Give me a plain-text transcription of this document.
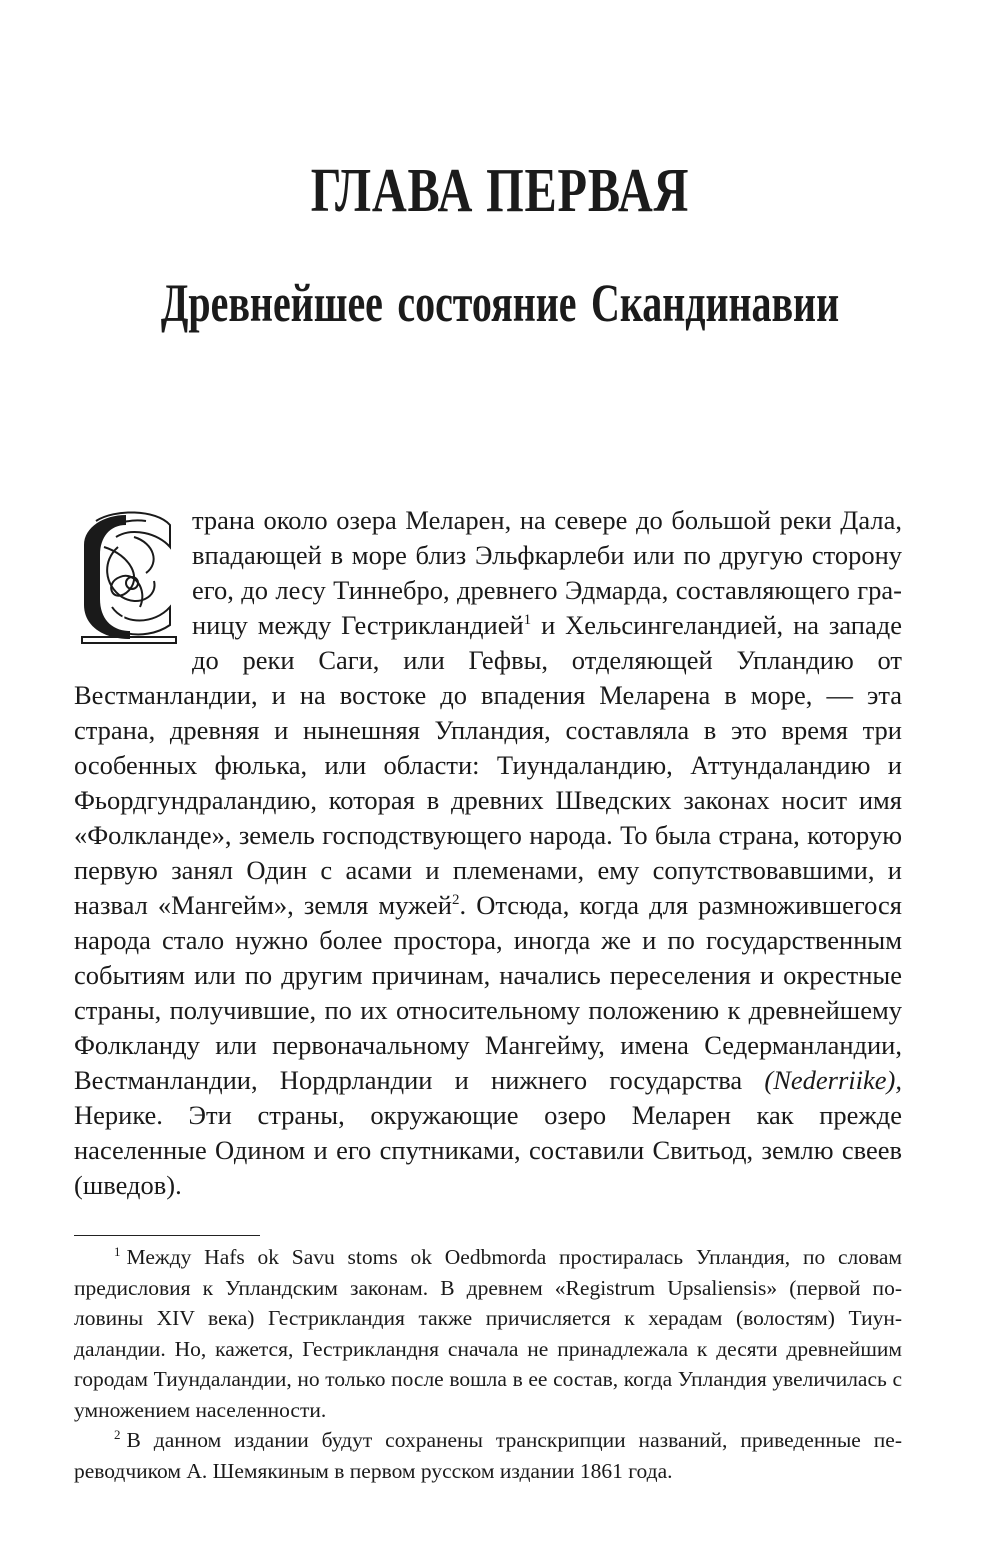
ГЛАВА ПЕРВАЯ
Древнейшее состояние Скандинавии
С

трана около озера Меларен, на севере до большой реки Дала, впадающей в море близ Эльфкарлеби или по другую сторону его, до лесу Тиннебро, древнего Эдмарда, составляющего границу между Гестрикландией$^1$ и Хельсингеландией, на западе до реки Саги, или Гефвы, отделяющей Упландию от Вестманландии, и на востоке до впадения Меларена в море, — эта страна, древняя и нынешняя Упландия, составляла в это время три особенных фюлька, или области: Тиундаландию, Аттундаландию и Фьордгундраландию, которая в древних Шведских законах носит имя «Фолкланде», земель господствующего народа. То была страна, которую первую занял Один с асами и племенами, ему сопутствовавшими, и назвал «Мангейм», земля мужей$^2$. Отсюда, когда для размножившегося народа стало нужно более простора, иногда же и по государственным событиям или по другим причинам, начались переселения и окрестные страны, получившие, по их относительному положению к древнейшему Фолкланду или первоначальному Мангейму, имена Седерманландии, Вестманландии, Нордрландии и нижнего государства (Nederriike), Нерике. Эти страны, окружающие озеро Меларен как прежде населенные Одином и его спутниками, составили Свитьод, землю свеев (шведов).

$^1$ Между Hafs ok Savu stoms ok Oedbmorda простиралась Упландия, по словам предисловия к Упландским законам. В древнем «Registrum Upsaliensis» (первой половины XIV века) Гестрикландия также причисляется к херадам (волостям) Тиундаландии. Но, кажется, Гестрикландня сначала не принадлежала к десяти древнейшим городам Тиундаландии, но только после вошла в ее состав, когда Упландия увеличилась с умножением населенности.

$^2$ В данном издании будут сохранены транскрипции названий, приведенные переводчиком А. Шемякиным в первом русском издании 1861 года.
